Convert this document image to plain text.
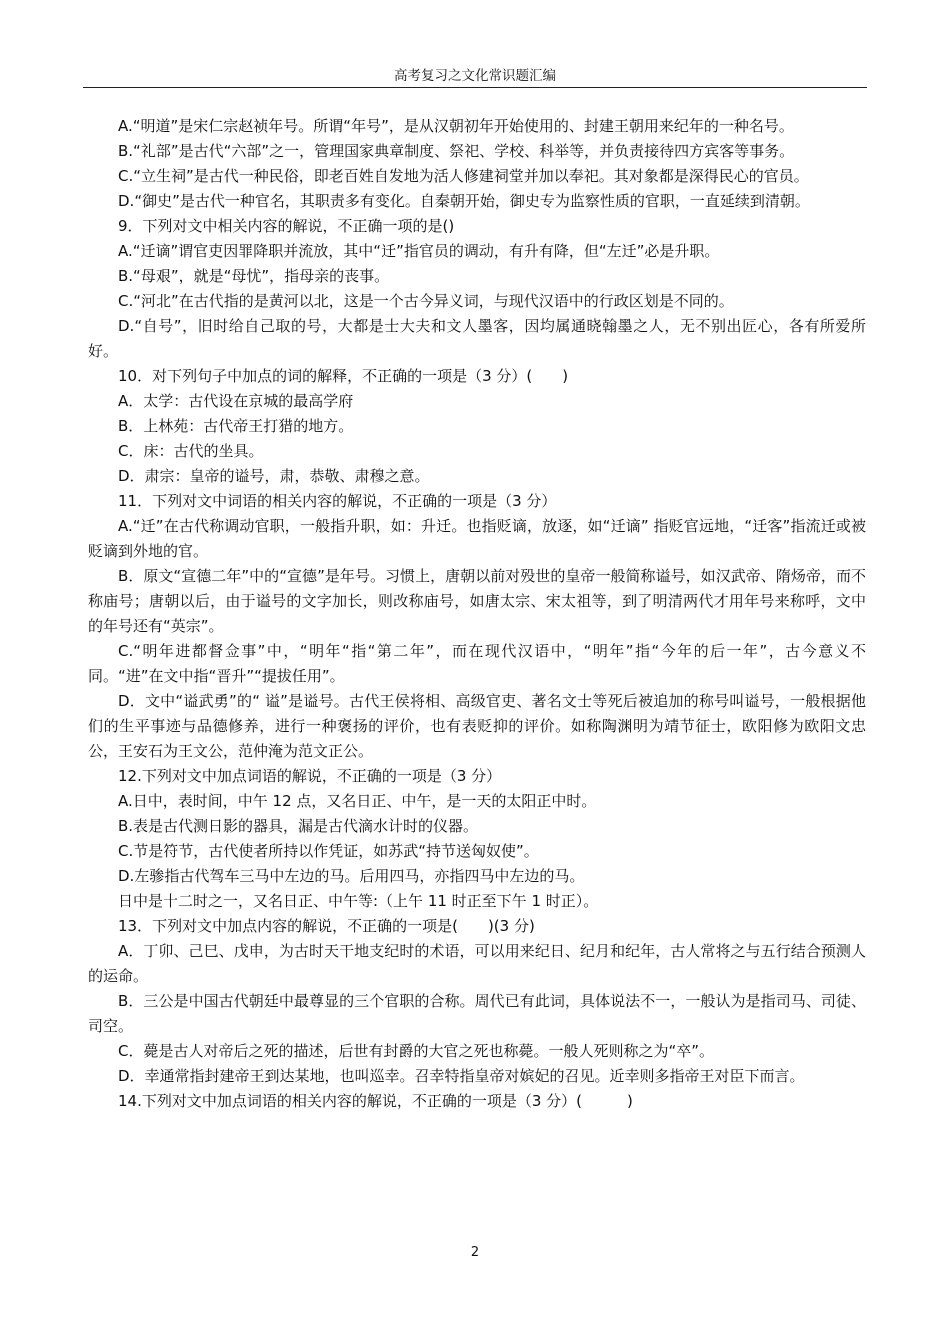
高考复习之文化常识题汇编

A.“明道”是宋仁宗赵祯年号。所谓“年号”，是从汉朝初年开始使用的、封建王朝用来纪年的一种名号。

B.“礼部”是古代“六部”之一，管理国家典章制度、祭祀、学校、科举等，并负责接待四方宾客等事务。

C.“立生祠”是古代一种民俗，即老百姓自发地为活人修建祠堂并加以奉祀。其对象都是深得民心的官员。

D.“御史”是古代一种官名，其职责多有变化。自秦朝开始，御史专为监察性质的官职，一直延续到清朝。

9．下列对文中相关内容的解说，不正确一项的是()

A.“迁谪”谓官吏因罪降职并流放，其中“迁”指官员的调动，有升有降，但“左迁”必是升职。

B.“母艰”，就是“母忧”，指母亲的丧事。

C.“河北”在古代指的是黄河以北，这是一个古今异义词，与现代汉语中的行政区划是不同的。

D.“自号”，旧时给自己取的号，大都是士大夫和文人墨客，因均属通晓翰墨之人，无不别出匠心，各有所爱所好。

10．对下列句子中加点的词的解释，不正确的一项是（3 分）(　　)

A．太学：古代设在京城的最高学府

B．上林苑：古代帝王打猎的地方。

C．床：古代的坐具。

D．肃宗：皇帝的谥号，肃，恭敬、肃穆之意。

11．下列对文中词语的相关内容的解说，不正确的一项是（3 分）

A.“迁”在古代称调动官职，一般指升职，如：升迁。也指贬谪，放逐，如“迁谪” 指贬官远地，“迁客”指流迁或被贬谪到外地的官。

B．原文“宣德二年”中的“宣德”是年号。习惯上，唐朝以前对殁世的皇帝一般简称谥号，如汉武帝、隋炀帝，而不称庙号；唐朝以后，由于谥号的文字加长，则改称庙号，如唐太宗、宋太祖等，到了明清两代才用年号来称呼，文中的年号还有“英宗”。

C.“明年进都督佥事”中，“明年“指“第二年”，而在现代汉语中，“明年”指“今年的后一年”，古今意义不同。“进”在文中指“晋升”“提拔任用”。

D．文中“谥武勇”的“ 谥”是谥号。古代王侯将相、高级官吏、著名文士等死后被追加的称号叫谥号，一般根据他们的生平事迹与品德修养，进行一种褒扬的评价，也有表贬抑的评价。如称陶渊明为靖节征士，欧阳修为欧阳文忠公，王安石为王文公，范仲淹为范文正公。

12.下列对文中加点词语的解说，不正确的一项是（3 分）

A.日中，表时间，中午 12 点，又名日正、中午，是一天的太阳正中时。

B.表是古代测日影的器具，漏是古代滴水计时的仪器。

C.节是符节，古代使者所持以作凭证，如苏武“持节送匈奴使”。

D.左骖指古代驾车三马中左边的马。后用四马，亦指四马中左边的马。

日中是十二时之一，又名日正、中午等:（上午 11 时正至下午 1 时正）。

13．下列对文中加点内容的解说，不正确的一项是(　　)(3 分)

A．丁卯、己巳、戊申，为古时天干地支纪时的术语，可以用来纪日、纪月和纪年，古人常将之与五行结合预测人的运命。

B．三公是中国古代朝廷中最尊显的三个官职的合称。周代已有此词，具体说法不一，一般认为是指司马、司徒、司空。

C．薨是古人对帝后之死的描述，后世有封爵的大官之死也称薨。一般人死则称之为“卒”。

D．幸通常指封建帝王到达某地，也叫巡幸。召幸特指皇帝对嫔妃的召见。近幸则多指帝王对臣下而言。

14.下列对文中加点词语的相关内容的解说，不正确的一项是（3 分）(　　　)

2
